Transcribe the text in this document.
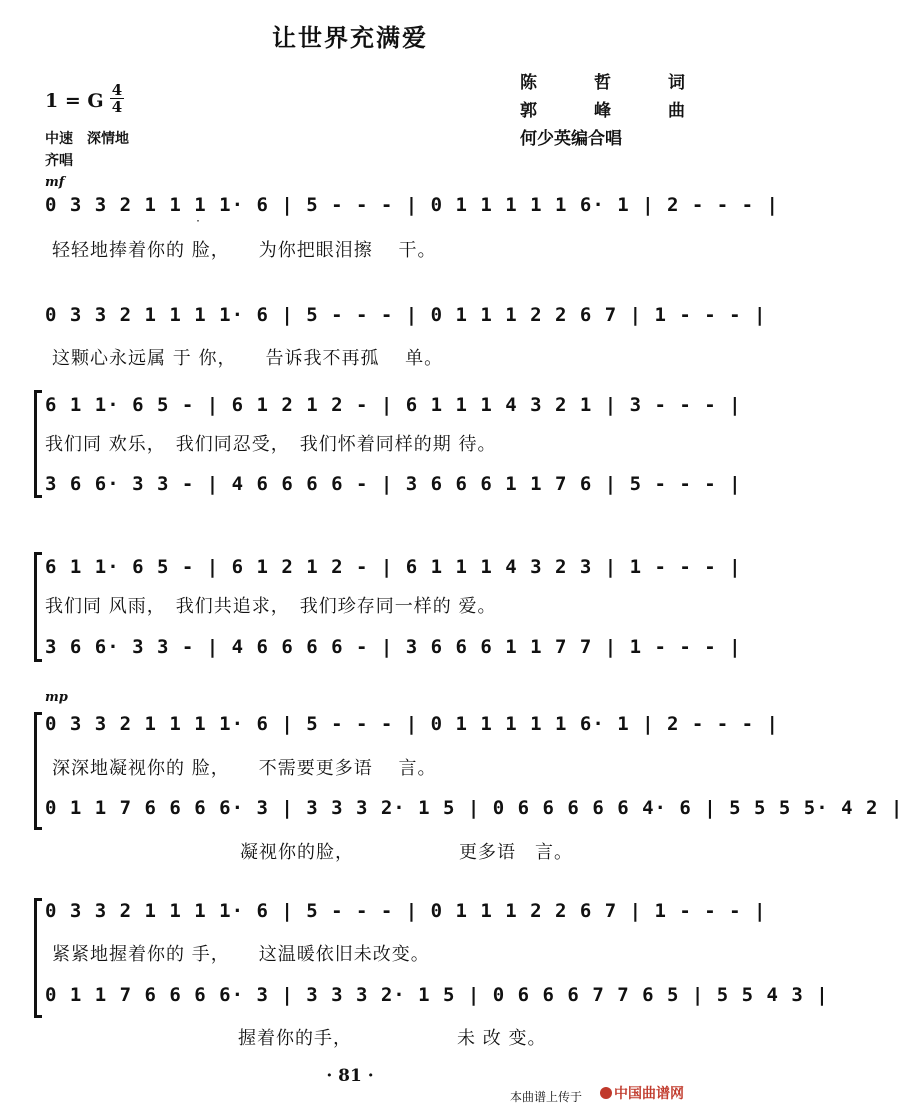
让世界充满爱
陈　哲　词
郭　峰　曲
何少英编合唱
1 = G 4
4
中速　深情地
齐唱
mf
0 3 3 2 1 1 1 1· 6 | 5 - - - | 0 1 1 1 1 1 6· 1 | 2 - - - |
·
轻轻地捧着你的 脸，　　为你把眼泪擦　 干。
0 3 3 2 1 1 1 1· 6 | 5 - - - | 0 1 1 1 2 2 6 7 | 1 - - - |
这颗心永远属 于 你，　　告诉我不再孤　 单。
6 1 1· 6 5 - | 6 1 2 1 2 - | 6 1 1 1 4 3 2 1 | 3 - - - |
我们同 欢乐，　我们同忍受，　我们怀着同样的期 待。
3 6 6· 3 3 - | 4 6 6 6 6 - | 3 6 6 6 1 1 7 6 | 5 - - - |
6 1 1· 6 5 - | 6 1 2 1 2 - | 6 1 1 1 4 3 2 3 | 1 - - - |
我们同 风雨，　我们共追求，　我们珍存同一样的 爱。
3 6 6· 3 3 - | 4 6 6 6 6 - | 3 6 6 6 1 1 7 7 | 1 - - - |
mp
0 3 3 2 1 1 1 1· 6 | 5 - - - | 0 1 1 1 1 1 6· 1 | 2 - - - |
深深地凝视你的 脸，　　不需要更多语　 言。
0 1 1 7 6 6 6 6· 3 | 3 3 3 2· 1 5 | 0 6 6 6 6 6 4· 6 | 5 5 5 5· 4 2 |
凝视你的脸，　　　　　　更多语　言。
0 3 3 2 1 1 1 1· 6 | 5 - - - | 0 1 1 1 2 2 6 7 | 1 - - - |
紧紧地握着你的 手，　　这温暖依旧未改变。
0 1 1 7 6 6 6 6· 3 | 3 3 3 2· 1 5 | 0 6 6 6 7 7 6 5 | 5 5 4 3 |
握着你的手，　　　　　　未 改 变。
· 81 ·
本曲谱上传于	中国曲谱网
